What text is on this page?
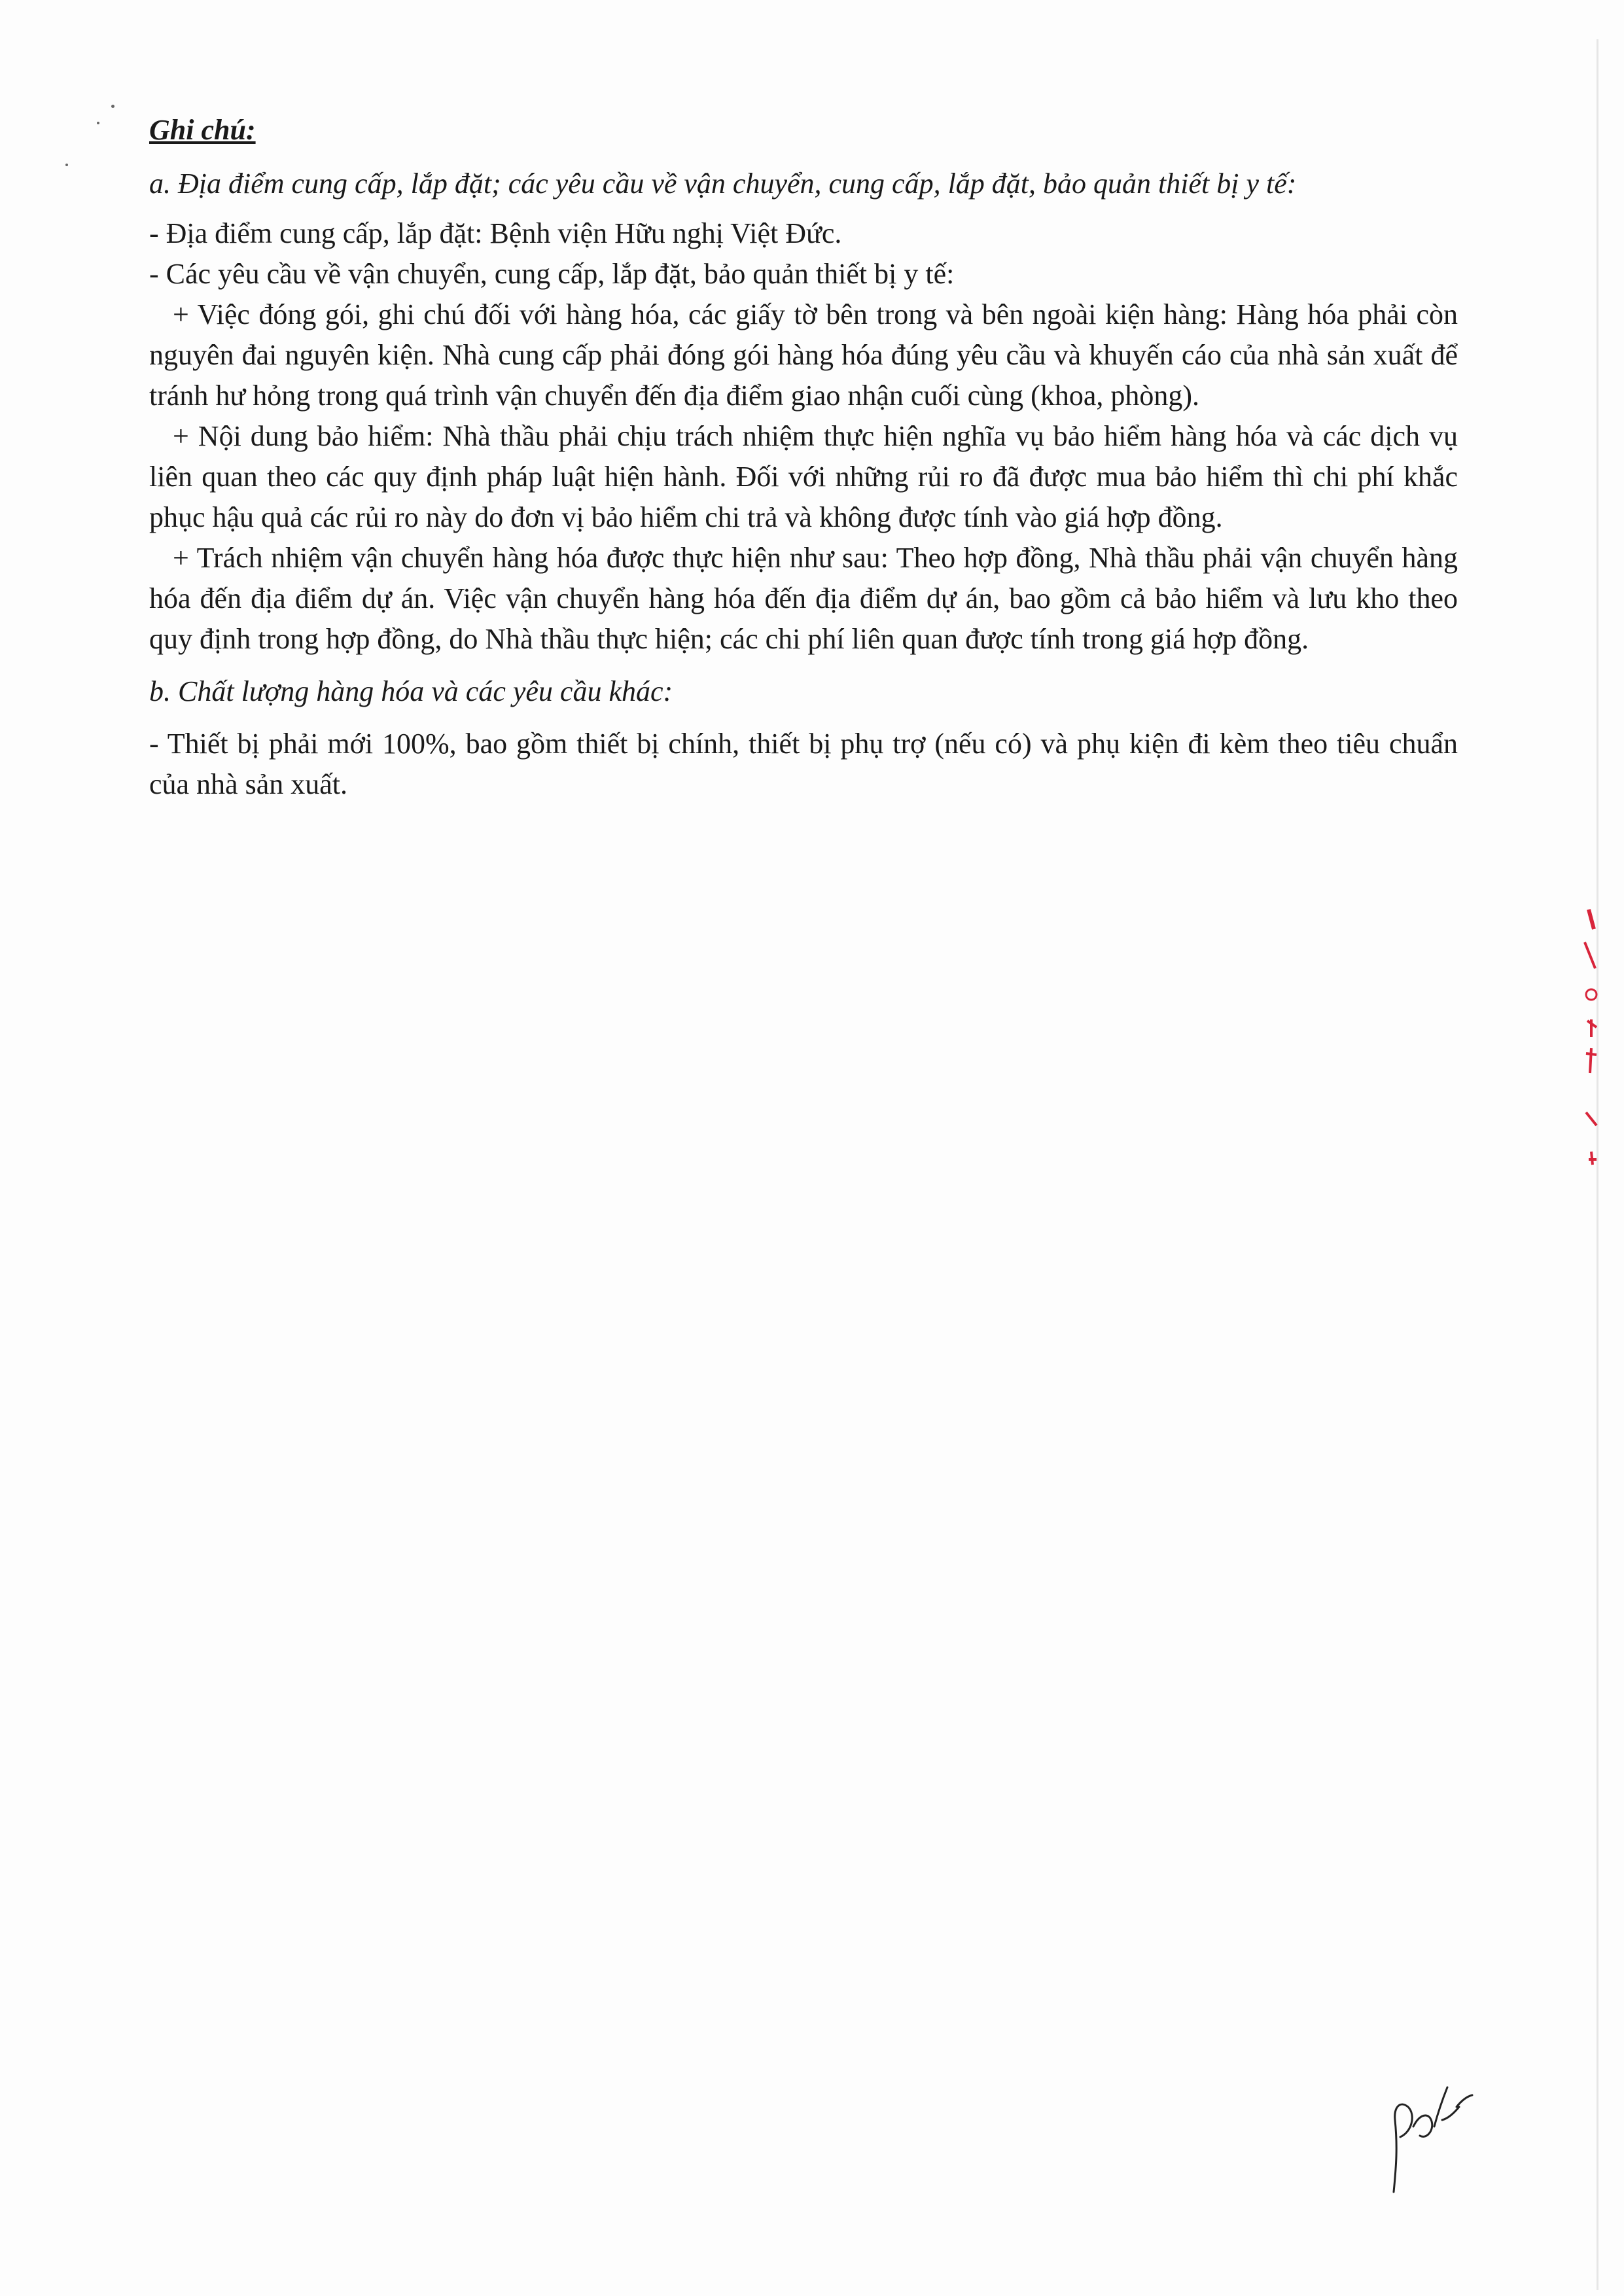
Ghi chú:

a. Địa điểm cung cấp, lắp đặt; các yêu cầu về vận chuyển, cung cấp, lắp đặt, bảo quản thiết bị y tế:

- Địa điểm cung cấp, lắp đặt: Bệnh viện Hữu nghị Việt Đức.

- Các yêu cầu về vận chuyển, cung cấp, lắp đặt, bảo quản thiết bị y tế:

+ Việc đóng gói, ghi chú đối với hàng hóa, các giấy tờ bên trong và bên ngoài kiện hàng: Hàng hóa phải còn nguyên đai nguyên kiện. Nhà cung cấp phải đóng gói hàng hóa đúng yêu cầu và khuyến cáo của nhà sản xuất để tránh hư hỏng trong quá trình vận chuyển đến địa điểm giao nhận cuối cùng (khoa, phòng).

+ Nội dung bảo hiểm: Nhà thầu phải chịu trách nhiệm thực hiện nghĩa vụ bảo hiểm hàng hóa và các dịch vụ liên quan theo các quy định pháp luật hiện hành. Đối với những rủi ro đã được mua bảo hiểm thì chi phí khắc phục hậu quả các rủi ro này do đơn vị bảo hiểm chi trả và không được tính vào giá hợp đồng.

+ Trách nhiệm vận chuyển hàng hóa được thực hiện như sau: Theo hợp đồng, Nhà thầu phải vận chuyển hàng hóa đến địa điểm dự án. Việc vận chuyển hàng hóa đến địa điểm dự án, bao gồm cả bảo hiểm và lưu kho theo quy định trong hợp đồng, do Nhà thầu thực hiện; các chi phí liên quan được tính trong giá hợp đồng.

b. Chất lượng hàng hóa và các yêu cầu khác:

- Thiết bị phải mới 100%, bao gồm thiết bị chính, thiết bị phụ trợ (nếu có) và phụ kiện đi kèm theo tiêu chuẩn của nhà sản xuất.
